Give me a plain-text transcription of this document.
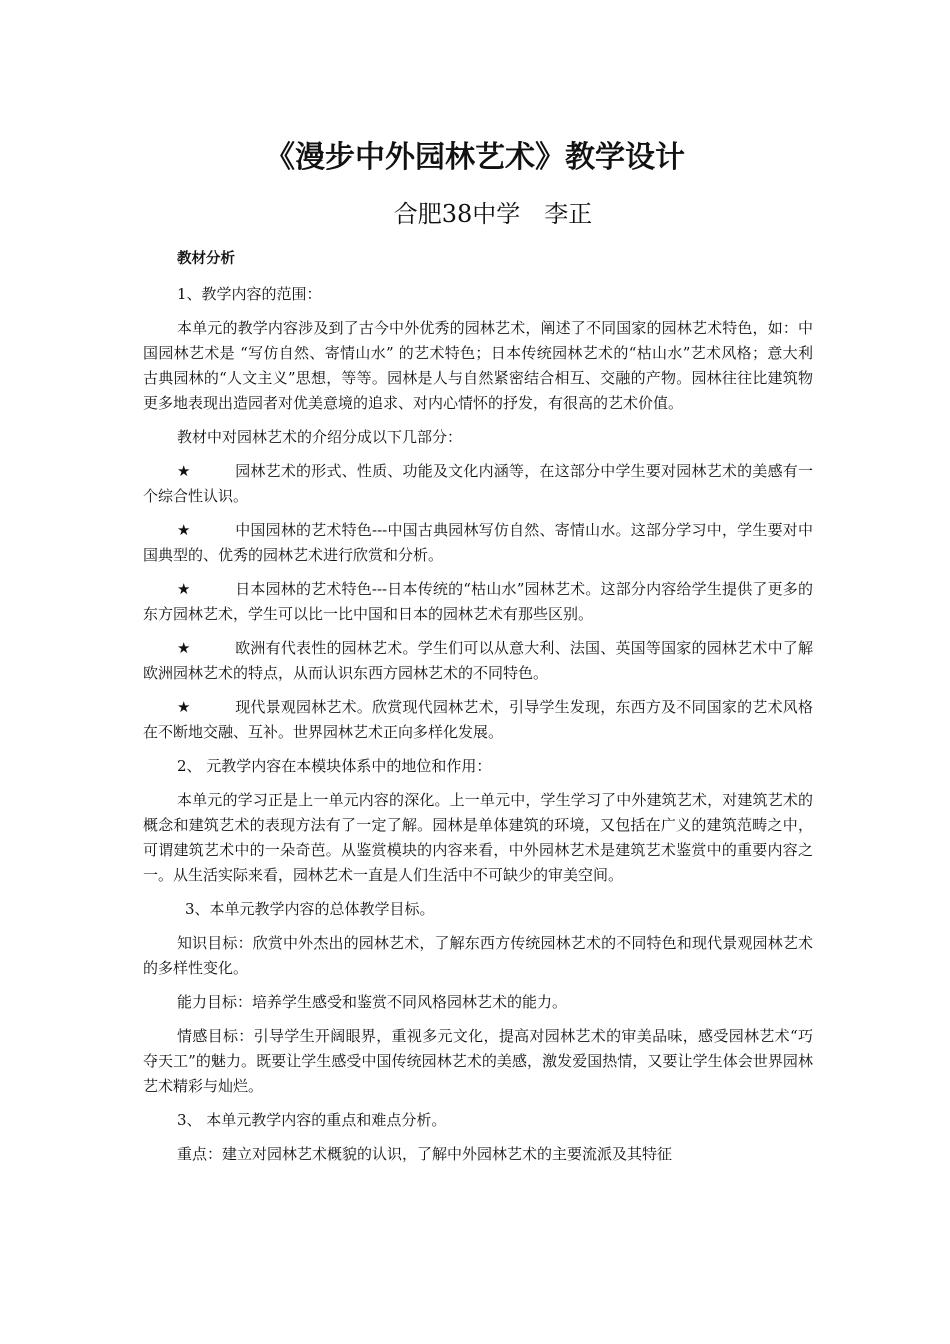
《漫步中外园林艺术》教学设计
合肥38中学　李正

教材分析

1、教学内容的范围：

本单元的教学内容涉及到了古今中外优秀的园林艺术，阐述了不同国家的园林艺术特色，如：中国园林艺术是 “写仿自然、寄情山水” 的艺术特色；日本传统园林艺术的“枯山水”艺术风格；意大利古典园林的“人文主义”思想，等等。园林是人与自然紧密结合相互、交融的产物。园林往往比建筑物更多地表现出造园者对优美意境的追求、对内心情怀的抒发，有很高的艺术价值。

教材中对园林艺术的介绍分成以下几部分：

★	园林艺术的形式、性质、功能及文化内涵等，在这部分中学生要对园林艺术的美感有一个综合性认识。

★	中国园林的艺术特色---中国古典园林写仿自然、寄情山水。这部分学习中，学生要对中国典型的、优秀的园林艺术进行欣赏和分析。

★	日本园林的艺术特色---日本传统的“枯山水”园林艺术。这部分内容给学生提供了更多的东方园林艺术，学生可以比一比中国和日本的园林艺术有那些区别。

★	欧洲有代表性的园林艺术。学生们可以从意大利、法国、英国等国家的园林艺术中了解欧洲园林艺术的特点，从而认识东西方园林艺术的不同特色。

★	现代景观园林艺术。欣赏现代园林艺术，引导学生发现，东西方及不同国家的艺术风格在不断地交融、互补。世界园林艺术正向多样化发展。

2、 元教学内容在本模块体系中的地位和作用：

本单元的学习正是上一单元内容的深化。上一单元中，学生学习了中外建筑艺术，对建筑艺术的概念和建筑艺术的表现方法有了一定了解。园林是单体建筑的环境，又包括在广义的建筑范畴之中，可谓建筑艺术中的一朵奇芭。从鉴赏模块的内容来看，中外园林艺术是建筑艺术鉴赏中的重要内容之一。从生活实际来看，园林艺术一直是人们生活中不可缺少的审美空间。

3、本单元教学内容的总体教学目标。

知识目标：欣赏中外杰出的园林艺术，了解东西方传统园林艺术的不同特色和现代景观园林艺术的多样性变化。

能力目标：培养学生感受和鉴赏不同风格园林艺术的能力。

情感目标：引导学生开阔眼界，重视多元文化，提高对园林艺术的审美品味，感受园林艺术“巧夺天工”的魅力。既要让学生感受中国传统园林艺术的美感，激发爱国热情，又要让学生体会世界园林艺术精彩与灿烂。

3、 本单元教学内容的重点和难点分析。

重点：建立对园林艺术概貌的认识，了解中外园林艺术的主要流派及其特征
